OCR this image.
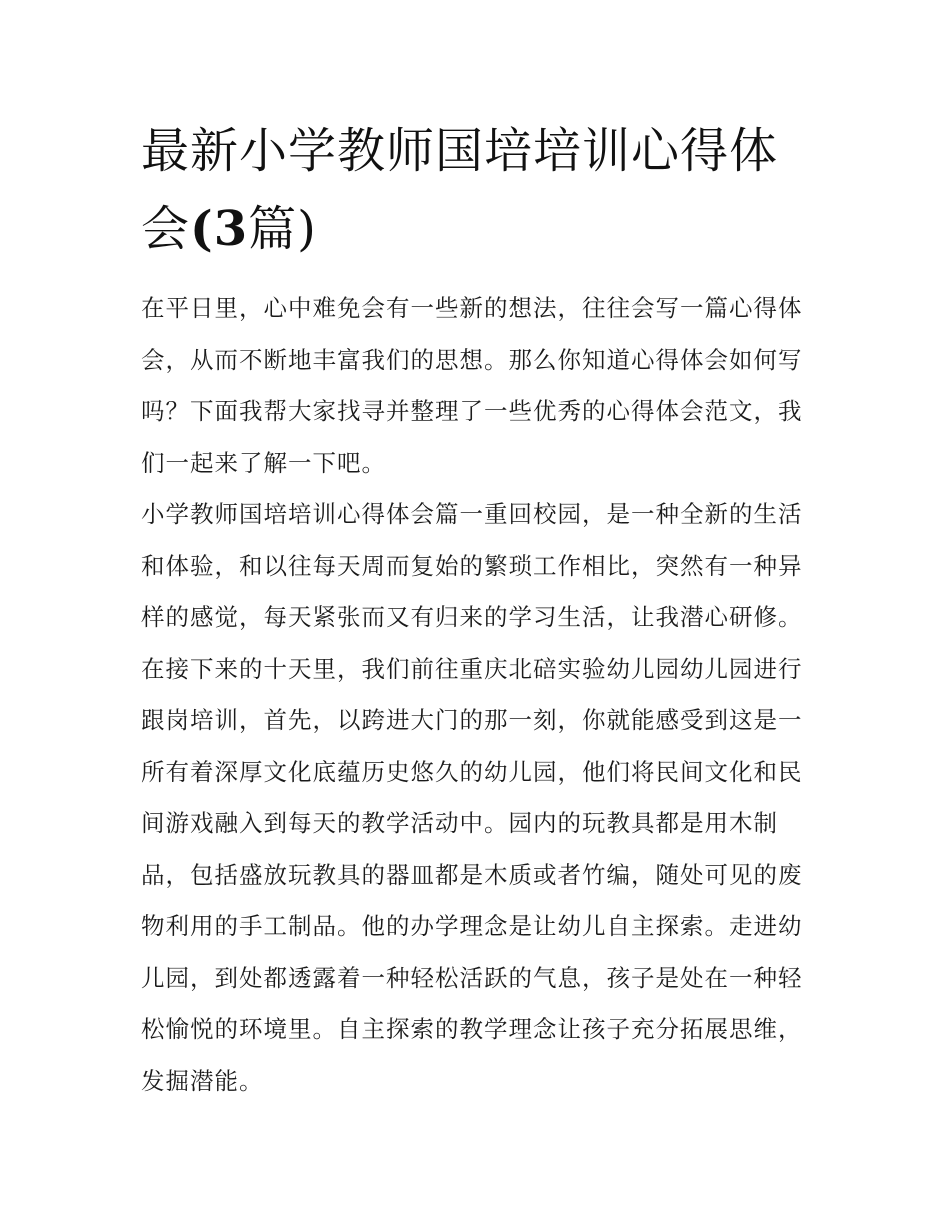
最新小学教师国培培训心得体会(3篇)

在平日里，心中难免会有一些新的想法，往往会写一篇心得体会，从而不断地丰富我们的思想。那么你知道心得体会如何写吗？下面我帮大家找寻并整理了一些优秀的心得体会范文，我们一起来了解一下吧。

小学教师国培培训心得体会篇一重回校园，是一种全新的生活和体验，和以往每天周而复始的繁琐工作相比，突然有一种异样的感觉，每天紧张而又有归来的学习生活，让我潜心研修。在接下来的十天里，我们前往重庆北碚实验幼儿园幼儿园进行跟岗培训，首先，以跨进大门的那一刻，你就能感受到这是一所有着深厚文化底蕴历史悠久的幼儿园，他们将民间文化和民间游戏融入到每天的教学活动中。园内的玩教具都是用木制品，包括盛放玩教具的器皿都是木质或者竹编，随处可见的废物利用的手工制品。他的办学理念是让幼儿自主探索。走进幼儿园，到处都透露着一种轻松活跃的气息，孩子是处在一种轻松愉悦的环境里。自主探索的教学理念让孩子充分拓展思维，发掘潜能。
